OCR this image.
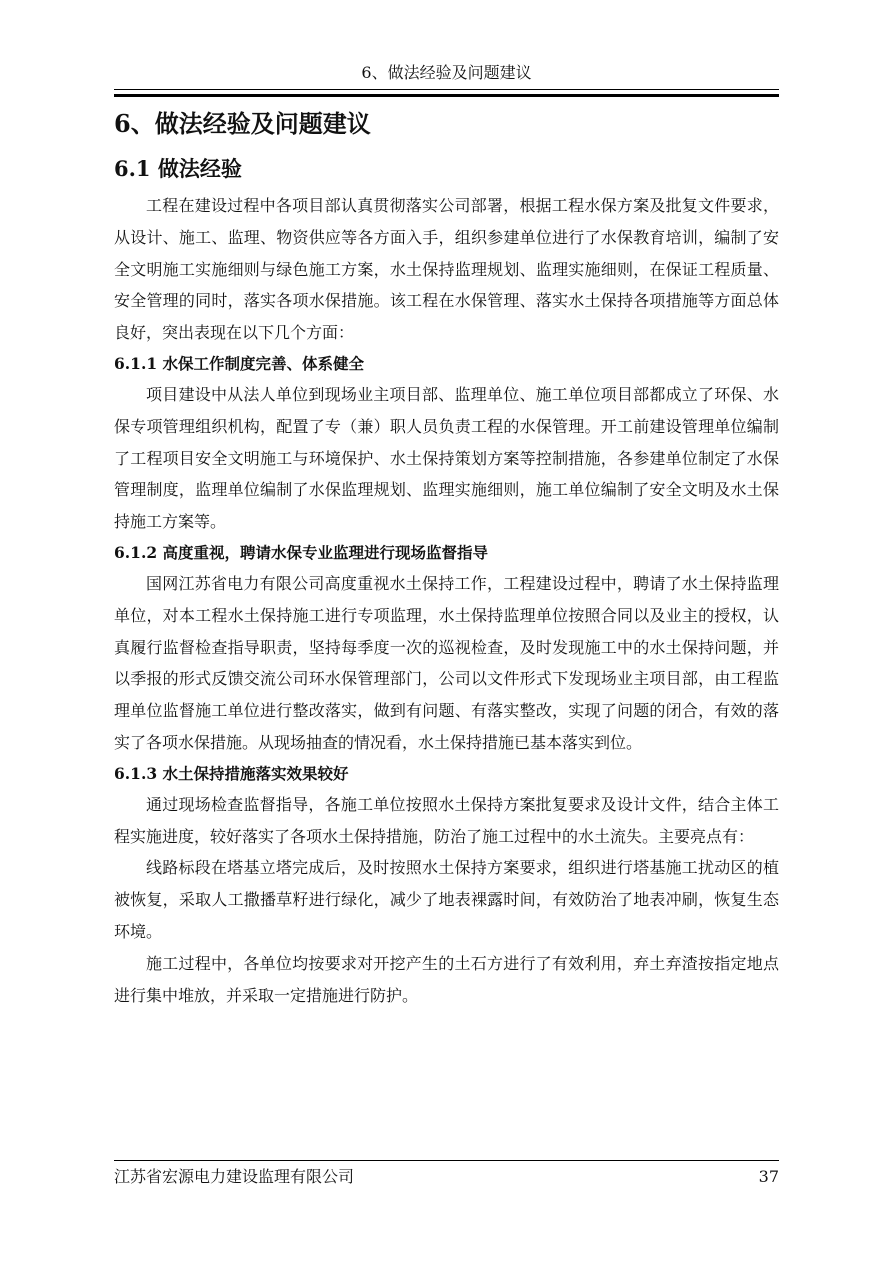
6、做法经验及问题建议
6、做法经验及问题建议
6.1 做法经验

工程在建设过程中各项目部认真贯彻落实公司部署，根据工程水保方案及批复文件要求，从设计、施工、监理、物资供应等各方面入手，组织参建单位进行了水保教育培训，编制了安全文明施工实施细则与绿色施工方案，水土保持监理规划、监理实施细则，在保证工程质量、安全管理的同时，落实各项水保措施。该工程在水保管理、落实水土保持各项措施等方面总体良好，突出表现在以下几个方面：

6.1.1 水保工作制度完善、体系健全

项目建设中从法人单位到现场业主项目部、监理单位、施工单位项目部都成立了环保、水保专项管理组织机构，配置了专（兼）职人员负责工程的水保管理。开工前建设管理单位编制了工程项目安全文明施工与环境保护、水土保持策划方案等控制措施，各参建单位制定了水保管理制度，监理单位编制了水保监理规划、监理实施细则，施工单位编制了安全文明及水土保持施工方案等。

6.1.2 高度重视，聘请水保专业监理进行现场监督指导

国网江苏省电力有限公司高度重视水土保持工作，工程建设过程中，聘请了水土保持监理单位，对本工程水土保持施工进行专项监理，水土保持监理单位按照合同以及业主的授权，认真履行监督检查指导职责，坚持每季度一次的巡视检查，及时发现施工中的水土保持问题，并以季报的形式反馈交流公司环水保管理部门，公司以文件形式下发现场业主项目部，由工程监理单位监督施工单位进行整改落实，做到有问题、有落实整改，实现了问题的闭合，有效的落实了各项水保措施。从现场抽查的情况看，水土保持措施已基本落实到位。

6.1.3 水土保持措施落实效果较好

通过现场检查监督指导，各施工单位按照水土保持方案批复要求及设计文件，结合主体工程实施进度，较好落实了各项水土保持措施，防治了施工过程中的水土流失。主要亮点有：

线路标段在塔基立塔完成后，及时按照水土保持方案要求，组织进行塔基施工扰动区的植被恢复，采取人工撒播草籽进行绿化，减少了地表裸露时间，有效防治了地表冲刷，恢复生态环境。

施工过程中，各单位均按要求对开挖产生的土石方进行了有效利用，弃土弃渣按指定地点进行集中堆放，并采取一定措施进行防护。

江苏省宏源电力建设监理有限公司	37
